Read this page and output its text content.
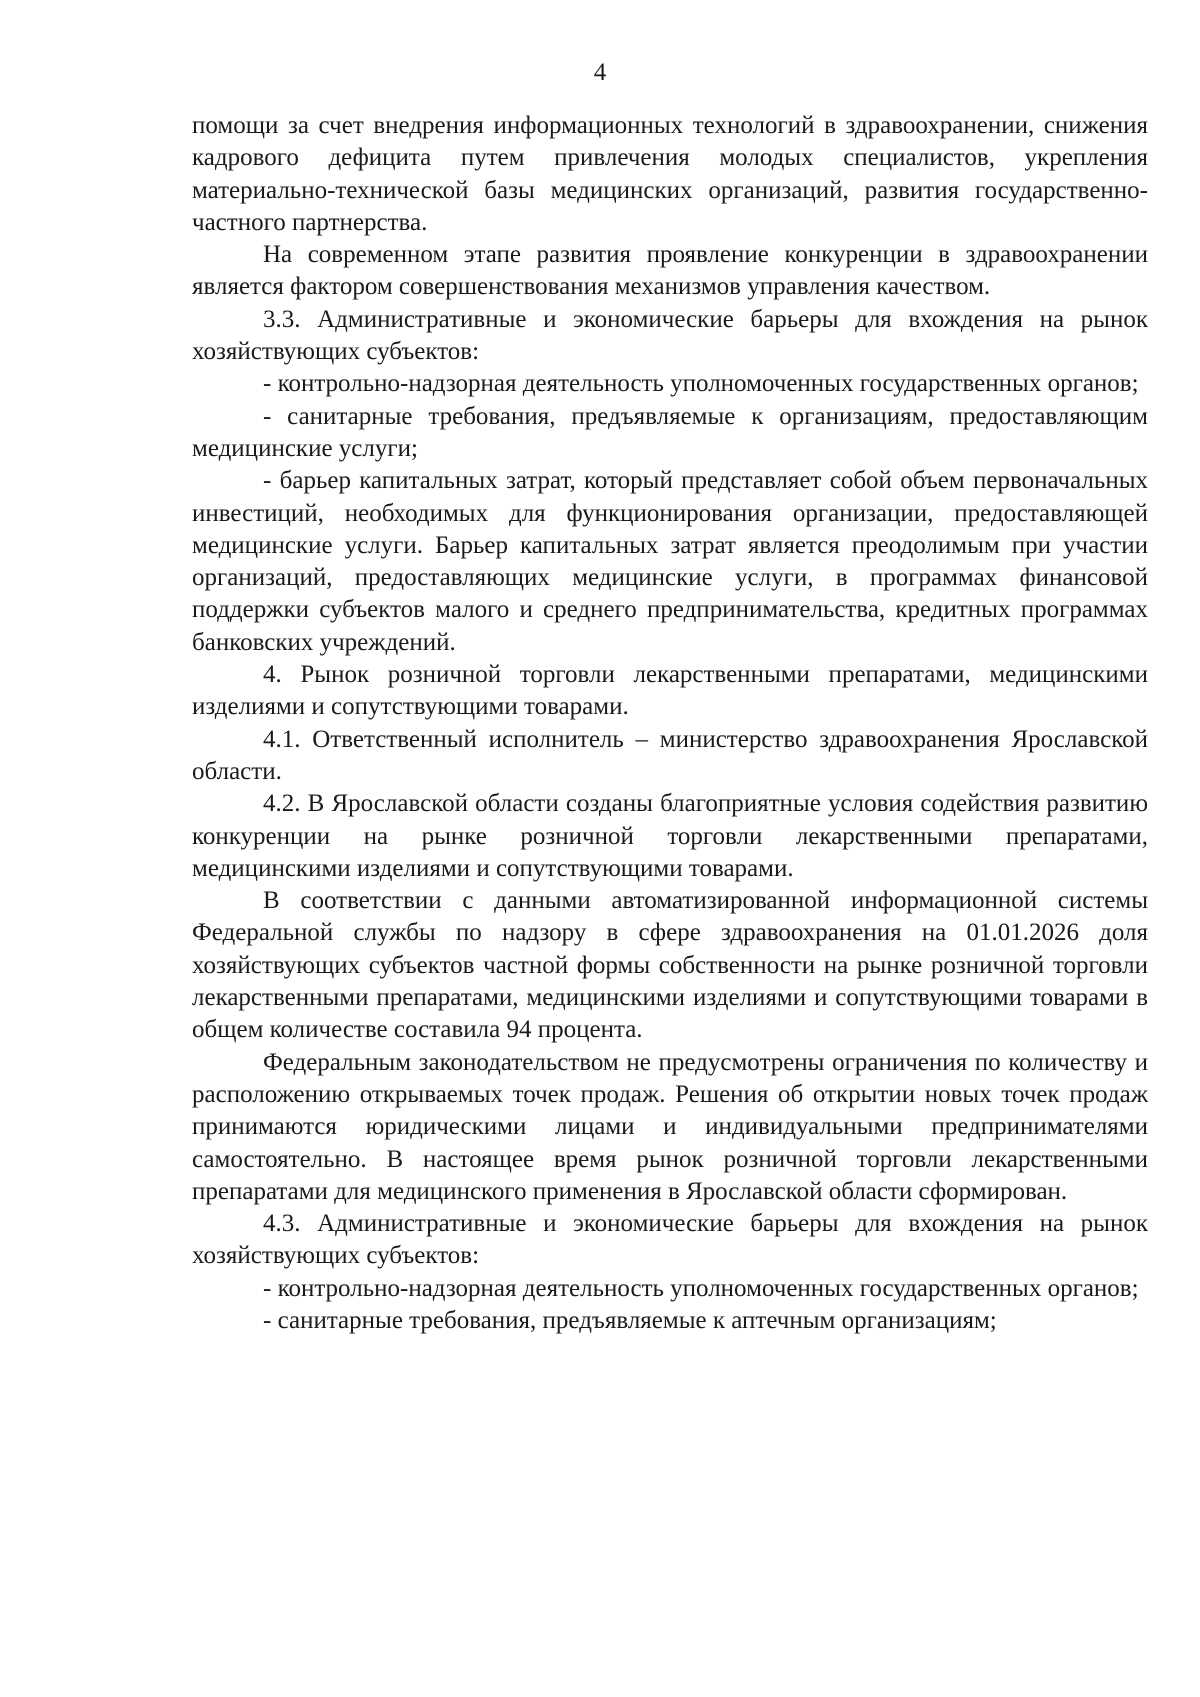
4

помощи за счет внедрения информационных технологий в здравоохранении, снижения кадрового дефицита путем привлечения молодых специалистов, укрепления материально-технической базы медицинских организаций, развития государственно-частного партнерства.

На современном этапе развития проявление конкуренции в здравоохранении является фактором совершенствования механизмов управления качеством.

3.3. Административные и экономические барьеры для вхождения на рынок хозяйствующих субъектов:

- контрольно-надзорная деятельность уполномоченных государственных органов;

- санитарные требования, предъявляемые к организациям, предоставляющим медицинские услуги;

- барьер капитальных затрат, который представляет собой объем первоначальных инвестиций, необходимых для функционирования организации, предоставляющей медицинские услуги. Барьер капитальных затрат является преодолимым при участии организаций, предоставляющих медицинские услуги, в программах финансовой поддержки субъектов малого и среднего предпринимательства, кредитных программах банковских учреждений.

4. Рынок розничной торговли лекарственными препаратами, медицинскими изделиями и сопутствующими товарами.

4.1. Ответственный исполнитель – министерство здравоохранения Ярославской области.

4.2. В Ярославской области созданы благоприятные условия содействия развитию конкуренции на рынке розничной торговли лекарственными препаратами, медицинскими изделиями и сопутствующими товарами.

В соответствии с данными автоматизированной информационной системы Федеральной службы по надзору в сфере здравоохранения на 01.01.2026 доля хозяйствующих субъектов частной формы собственности на рынке розничной торговли лекарственными препаратами, медицинскими изделиями и сопутствующими товарами в общем количестве составила 94 процента.

Федеральным законодательством не предусмотрены ограничения по количеству и расположению открываемых точек продаж. Решения об открытии новых точек продаж принимаются юридическими лицами и индивидуальными предпринимателями самостоятельно. В настоящее время рынок розничной торговли лекарственными препаратами для медицинского применения в Ярославской области сформирован.

4.3. Административные и экономические барьеры для вхождения на рынок хозяйствующих субъектов:

- контрольно-надзорная деятельность уполномоченных государственных органов;

- санитарные требования, предъявляемые к аптечным организациям;
